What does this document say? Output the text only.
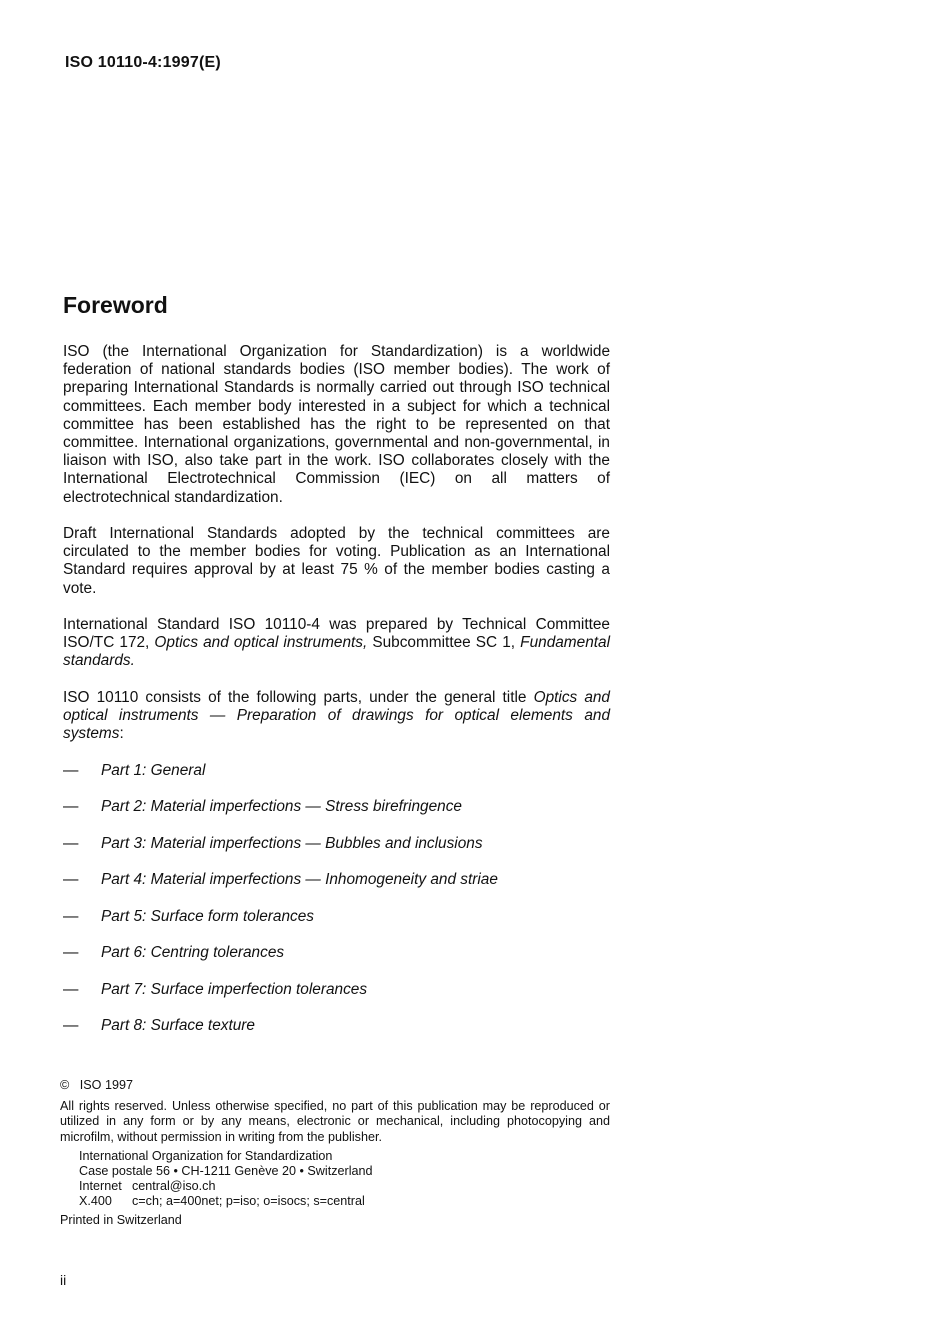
ISO 10110-4:1997(E)
Foreword

ISO (the International Organization for Standardization) is a worldwide federation of national standards bodies (ISO member bodies). The work of preparing International Standards is normally carried out through ISO technical committees. Each member body interested in a subject for which a technical committee has been established has the right to be represented on that committee. International organizations, governmental and non-governmental, in liaison with ISO, also take part in the work. ISO collaborates closely with the International Electrotechnical Commission (IEC) on all matters of electrotechnical standardization.

Draft International Standards adopted by the technical committees are circulated to the member bodies for voting. Publication as an International Standard requires approval by at least 75 % of the member bodies casting a vote.

International Standard ISO 10110-4 was prepared by Technical Committee ISO/TC 172, Optics and optical instruments, Subcommittee SC 1, Fundamental standards.

ISO 10110 consists of the following parts, under the general title Optics and optical instruments — Preparation of drawings for optical elements and systems:

—	Part 1: General
—	Part 2: Material imperfections — Stress birefringence
—	Part 3: Material imperfections — Bubbles and inclusions
—	Part 4: Material imperfections — Inhomogeneity and striae
—	Part 5: Surface form tolerances
—	Part 6: Centring tolerances
—	Part 7: Surface imperfection tolerances
—	Part 8: Surface texture

© ISO 1997

All rights reserved. Unless otherwise specified, no part of this publication may be reproduced or utilized in any form or by any means, electronic or mechanical, including photocopying and microfilm, without permission in writing from the publisher.

International Organization for Standardization

Case postale 56 • CH-1211 Genève 20 • Switzerland

Internet central@iso.ch
X.400	c=ch; a=400net; p=iso; o=isocs; s=central

Printed in Switzerland

ii
